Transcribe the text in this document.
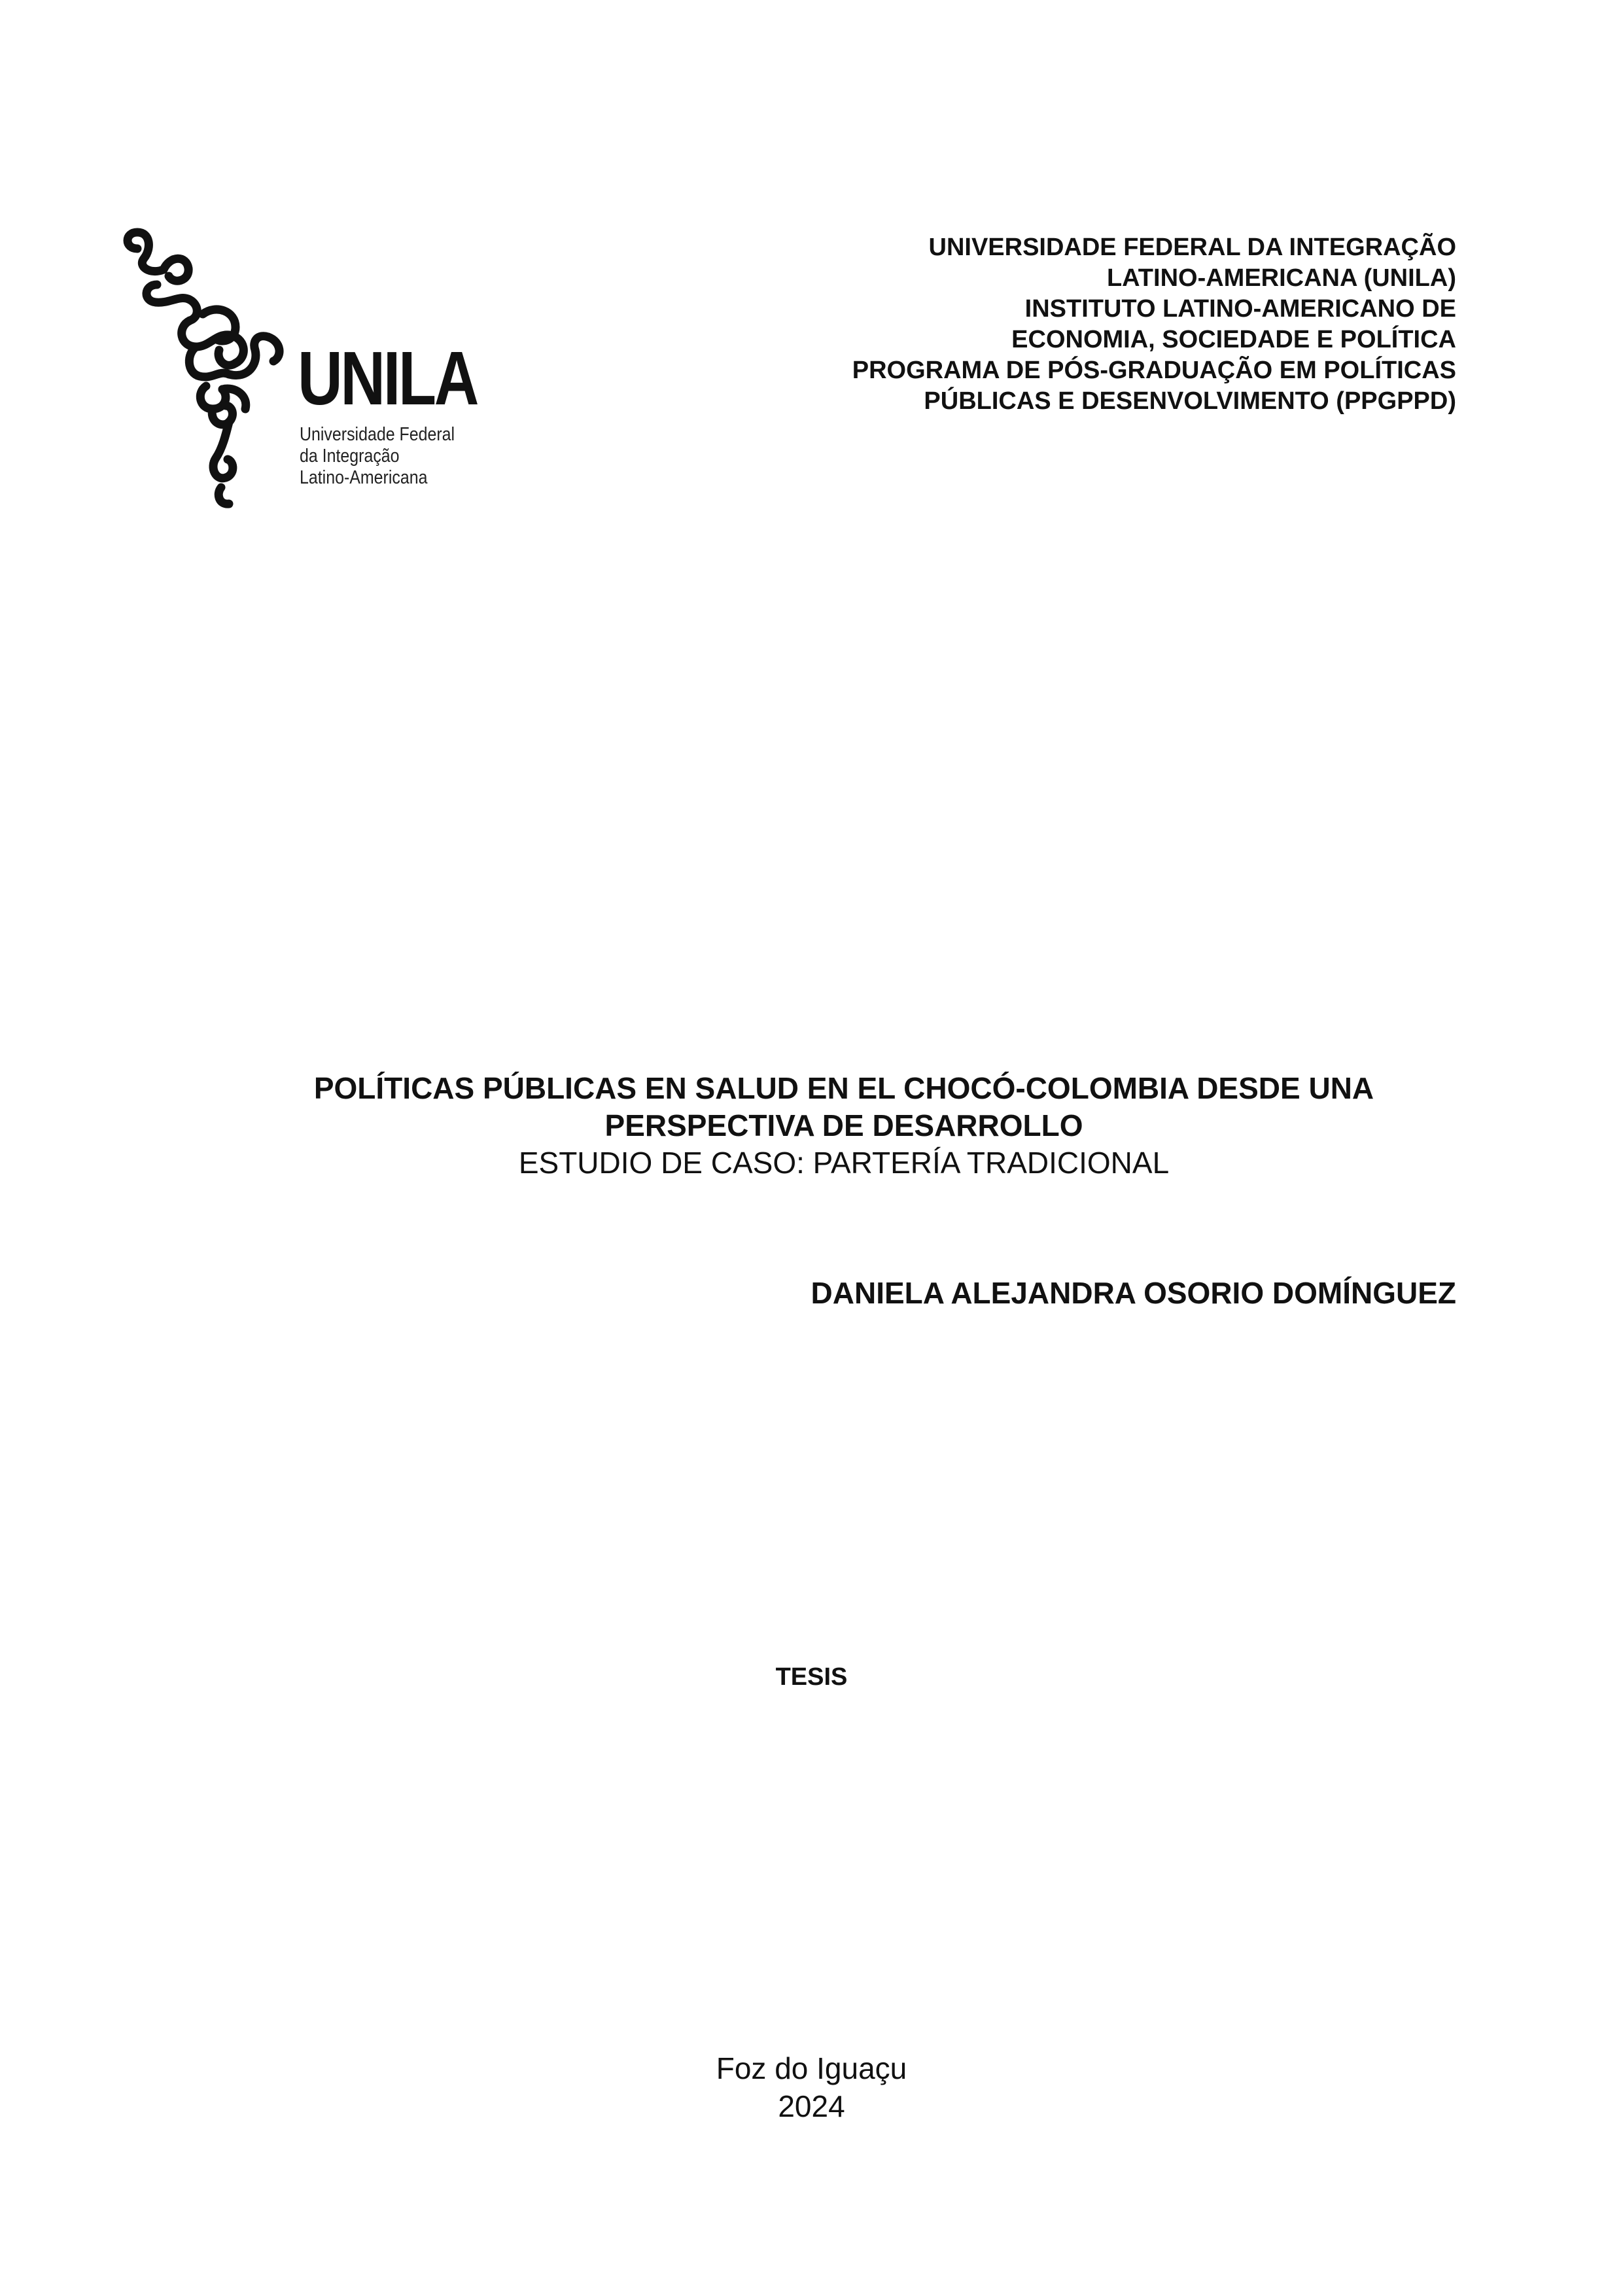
UNILA
Universidade Federal
da Integração
Latino-Americana
UNIVERSIDADE FEDERAL DA INTEGRAÇÃO
LATINO-AMERICANA (UNILA)
INSTITUTO LATINO-AMERICANO DE
ECONOMIA, SOCIEDADE E POLÍTICA
PROGRAMA DE PÓS-GRADUAÇÃO EM POLÍTICAS
PÚBLICAS E DESENVOLVIMENTO (PPGPPD)
POLÍTICAS PÚBLICAS EN SALUD EN EL CHOCÓ-COLOMBIA DESDE UNA
PERSPECTIVA DE DESARROLLO
ESTUDIO DE CASO: PARTERÍA TRADICIONAL
DANIELA ALEJANDRA OSORIO DOMÍNGUEZ
TESIS
Foz do Iguaçu
2024
